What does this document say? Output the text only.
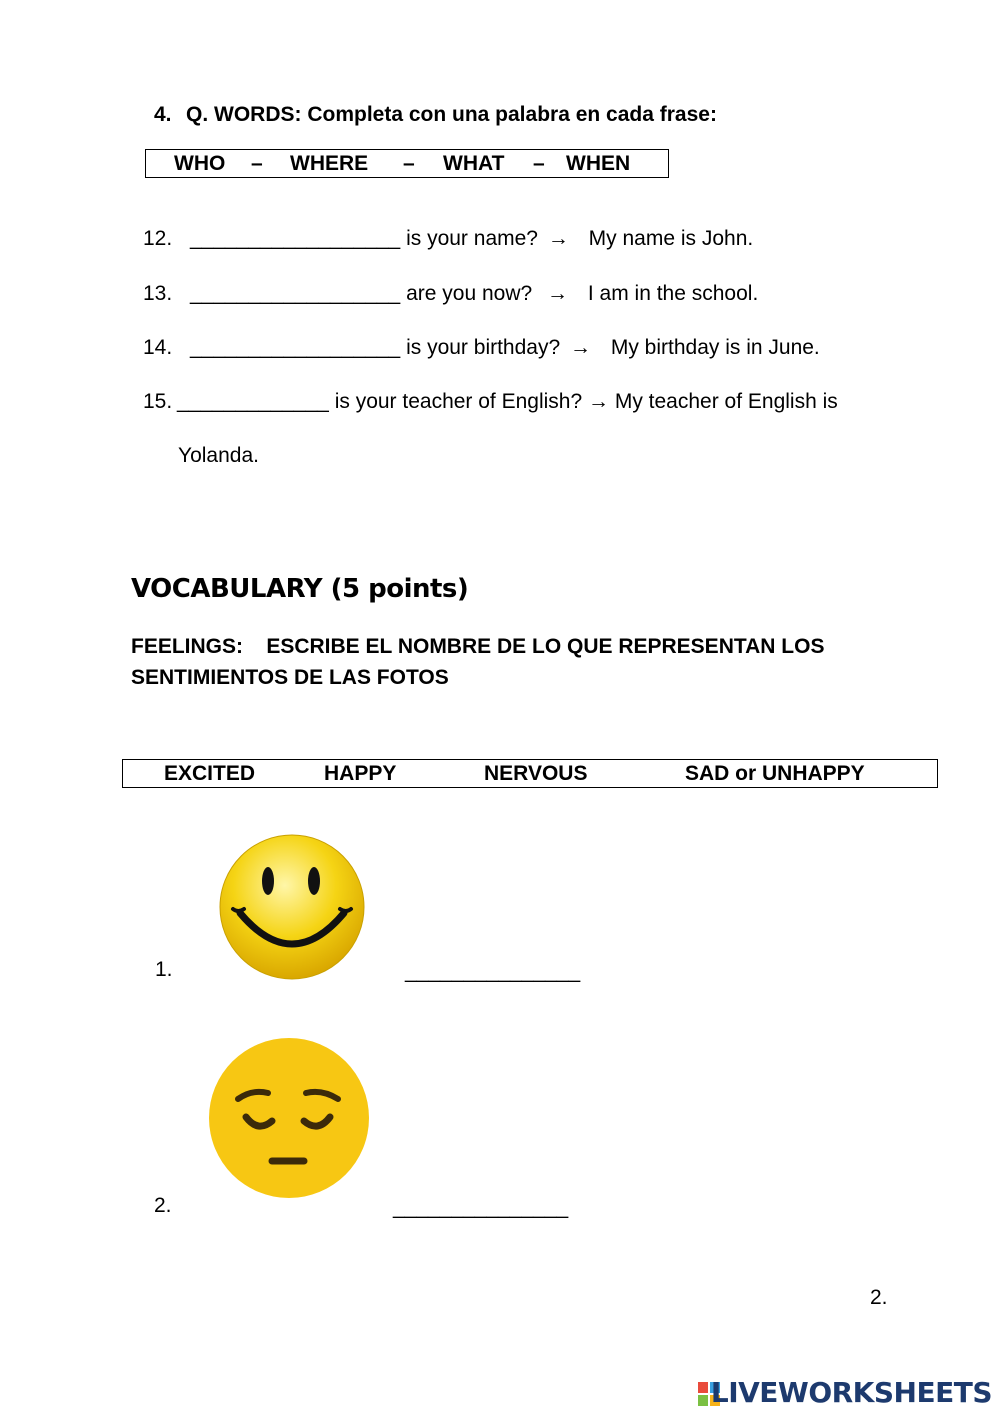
4. Q. WORDS: Completa con una palabra en cada frase:
WHO – WHERE – WHAT – WHEN
12. __________________ is your name? → My name is John.
13. __________________ are you now? → I am in the school.
14. __________________ is your birthday? → My birthday is in June.
15. _____________ is your teacher of English? → My teacher of English is
Yolanda.
VOCABULARY (5 points)
FEELINGS:    ESCRIBE EL NOMBRE DE LO QUE REPRESENTAN LOS
SENTIMIENTOS DE LAS FOTOS
EXCITED	HAPPY	NERVOUS	SAD or UNHAPPY
1.	_______________
2.	_______________
2.
LIVEWORKSHEETS
